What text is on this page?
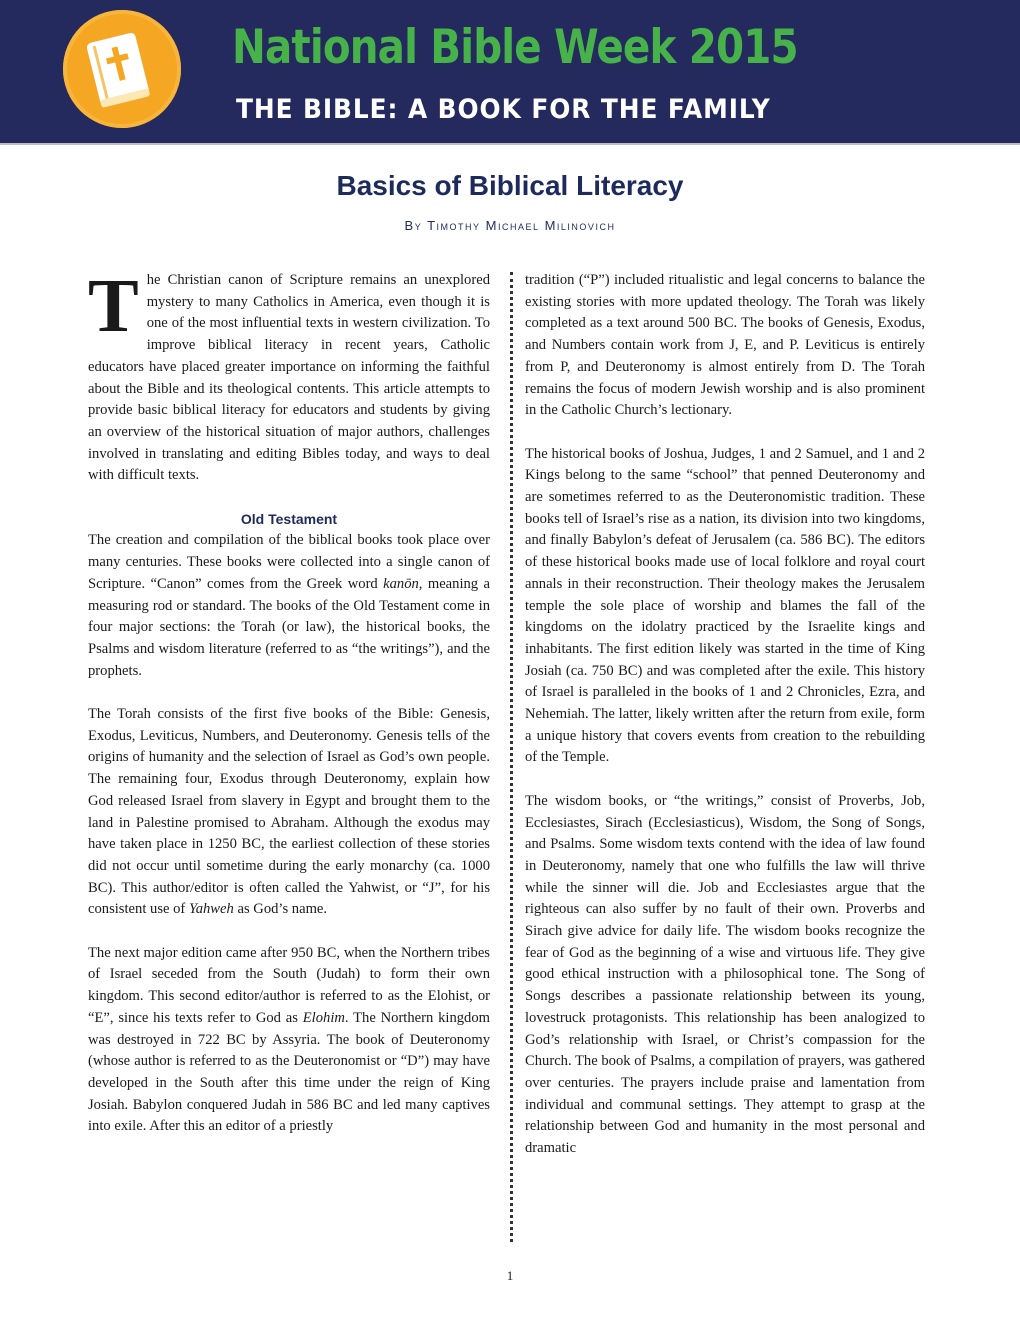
National Bible Week 2015
THE BIBLE: A BOOK FOR THE FAMILY
Basics of Biblical Literacy
By Timothy Michael Milinovich

The Christian canon of Scripture remains an unexplored mystery to many Catholics in America, even though it is one of the most influential texts in western civilization. To improve biblical literacy in recent years, Catholic educators have placed greater importance on informing the faithful about the Bible and its theological contents. This article attempts to provide basic biblical literacy for educators and students by giving an overview of the historical situation of major authors, challenges involved in translating and editing Bibles today, and ways to deal with difficult texts.

Old Testament

The creation and compilation of the biblical books took place over many centuries. These books were collected into a single canon of Scripture. “Canon” comes from the Greek word kanōn, meaning a measuring rod or standard. The books of the Old Testament come in four major sections: the Torah (or law), the historical books, the Psalms and wisdom literature (referred to as “the writings”), and the prophets.

The Torah consists of the first five books of the Bible: Genesis, Exodus, Leviticus, Numbers, and Deuteronomy. Genesis tells of the origins of humanity and the selection of Israel as God’s own people. The remaining four, Exodus through Deuteronomy, explain how God released Israel from slavery in Egypt and brought them to the land in Palestine promised to Abraham. Although the exodus may have taken place in 1250 BC, the earliest collection of these stories did not occur until sometime during the early monarchy (ca. 1000 BC). This author/editor is often called the Yahwist, or “J”, for his consistent use of Yahweh as God’s name.

The next major edition came after 950 BC, when the Northern tribes of Israel seceded from the South (Judah) to form their own kingdom. This second editor/author is referred to as the Elohist, or “E”, since his texts refer to God as Elohim. The Northern kingdom was destroyed in 722 BC by Assyria. The book of Deuteronomy (whose author is referred to as the Deuteronomist or “D”) may have developed in the South after this time under the reign of King Josiah. Babylon conquered Judah in 586 BC and led many captives into exile. After this an editor of a priestly

tradition (“P”) included ritualistic and legal concerns to balance the existing stories with more updated theology. The Torah was likely completed as a text around 500 BC. The books of Genesis, Exodus, and Numbers contain work from J, E, and P. Leviticus is entirely from P, and Deuteronomy is almost entirely from D. The Torah remains the focus of modern Jewish worship and is also prominent in the Catholic Church’s lectionary.

The historical books of Joshua, Judges, 1 and 2 Samuel, and 1 and 2 Kings belong to the same “school” that penned Deuteronomy and are sometimes referred to as the Deuteronomistic tradition. These books tell of Israel’s rise as a nation, its division into two kingdoms, and finally Babylon’s defeat of Jerusalem (ca. 586 BC). The editors of these historical books made use of local folklore and royal court annals in their reconstruction. Their theology makes the Jerusalem temple the sole place of worship and blames the fall of the kingdoms on the idolatry practiced by the Israelite kings and inhabitants. The first edition likely was started in the time of King Josiah (ca. 750 BC) and was completed after the exile. This history of Israel is paralleled in the books of 1 and 2 Chronicles, Ezra, and Nehemiah. The latter, likely written after the return from exile, form a unique history that covers events from creation to the rebuilding of the Temple.

The wisdom books, or “the writings,” consist of Proverbs, Job, Ecclesiastes, Sirach (Ecclesiasticus), Wisdom, the Song of Songs, and Psalms. Some wisdom texts contend with the idea of law found in Deuteronomy, namely that one who fulfills the law will thrive while the sinner will die. Job and Ecclesiastes argue that the righteous can also suffer by no fault of their own. Proverbs and Sirach give advice for daily life. The wisdom books recognize the fear of God as the beginning of a wise and virtuous life. They give good ethical instruction with a philosophical tone. The Song of Songs describes a passionate relationship between its young, lovestruck protagonists. This relationship has been analogized to God’s relationship with Israel, or Christ’s compassion for the Church. The book of Psalms, a compilation of prayers, was gathered over centuries. The prayers include praise and lamentation from individual and communal settings. They attempt to grasp at the relationship between God and humanity in the most personal and dramatic

1
